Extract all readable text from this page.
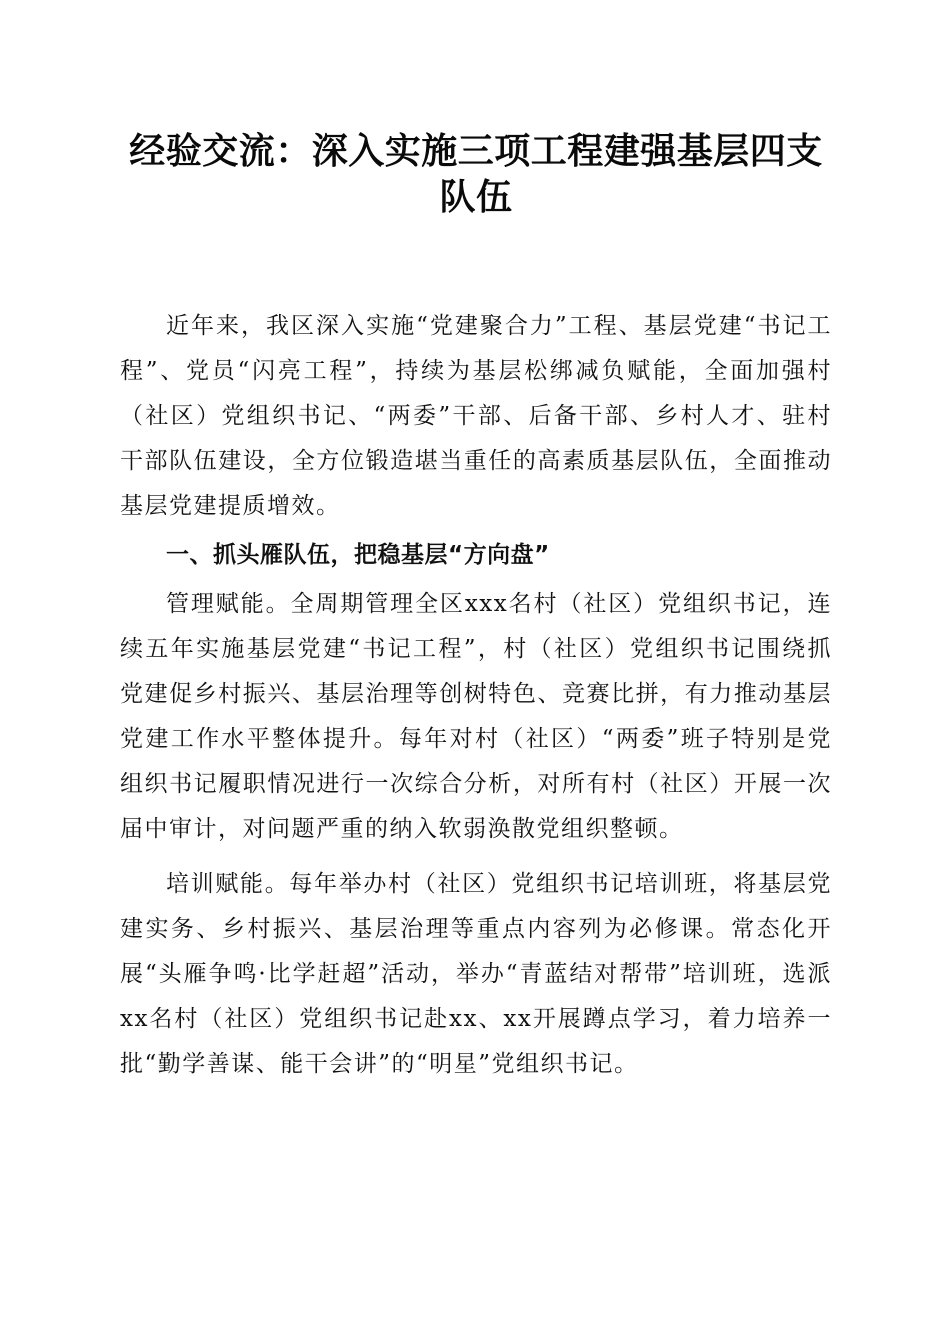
经验交流：深入实施三项工程建强基层四支队伍

近年来，我区深入实施“党建聚合力”工程、基层党建“书记工程”、党员“闪亮工程”，持续为基层松绑减负赋能，全面加强村（社区）党组织书记、“两委”干部、后备干部、乡村人才、驻村干部队伍建设，全方位锻造堪当重任的高素质基层队伍，全面推动基层党建提质增效。

一、抓头雁队伍，把稳基层“方向盘”

管理赋能。全周期管理全区xxx名村（社区）党组织书记，连续五年实施基层党建“书记工程”，村（社区）党组织书记围绕抓党建促乡村振兴、基层治理等创树特色、竞赛比拼，有力推动基层党建工作水平整体提升。每年对村（社区）“两委”班子特别是党组织书记履职情况进行一次综合分析，对所有村（社区）开展一次届中审计，对问题严重的纳入软弱涣散党组织整顿。

培训赋能。每年举办村（社区）党组织书记培训班，将基层党建实务、乡村振兴、基层治理等重点内容列为必修课。常态化开展“头雁争鸣·比学赶超”活动，举办“青蓝结对帮带”培训班，选派xx名村（社区）党组织书记赴xx、xx开展蹲点学习，着力培养一批“勤学善谋、能干会讲”的“明星”党组织书记。
